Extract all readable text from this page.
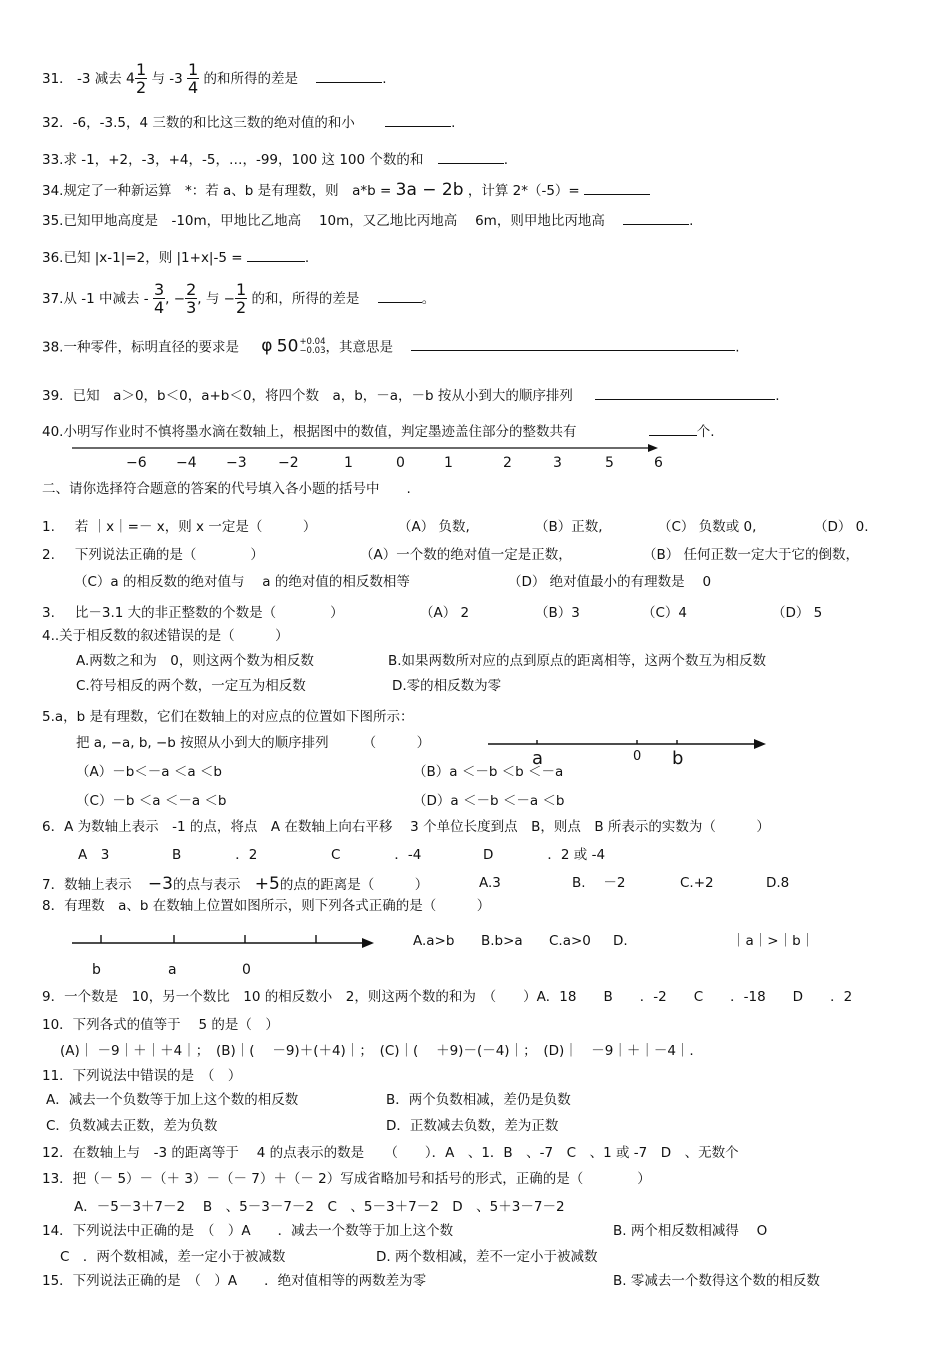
31． -3 减去 $4 \frac{1}{2}$ 与 $-3 \frac{1}{4}$ 的和所得的差是	.
32．-6，-3.5，4 三数的和比这三数的绝对值的和小	.
33.求 -1，+2，-3，+4，-5，…，-99，100 这 100 个数的和	.
34.规定了一种新运算　*：若 a、b 是有理数，则　a*b = 3a − 2b ，计算 2*（-5）=
35.已知甲地高度是　-10m，甲地比乙地高　 10m，又乙地比丙地高　 6m，则甲地比丙地高	.
36.已知 |x-1|=2，则 |1+x|-5 =	.
37.从 -1 中减去 - $\frac{3}{4}$ , − $\frac{2}{3}$ , 与 − $\frac{1}{2}$ 的和，所得的差是	。
38.一种零件，标明直径的要求是 φ 50 +0.04
−0.03 ，其意思是	.
39．已知　a＞0，b＜0，a+b＜0，将四个数　a，b，－a，－b 按从小到大的顺序排列	.
40.小明写作业时不慎将墨水滴在数轴上，根据图中的数值，判定墨迹盖住部分的整数共有	个.
−6 −4 −3 −2	1	0	1	2	3	5	6
二、请你选择符合题意的答案的代号填入各小题的括号中　　.
1. 若 ｜x｜=－ x，则 x 一定是（　　　）	（A） 负数,	（B）正数,	（C） 负数或 0,	（D） 0.
2. 下列说法正确的是（　　　　）	（A）一个数的绝对值一定是正数，	（B） 任何正数一定大于它的倒数，
（C）a 的相反数的绝对值与　 a 的绝对值的相反数相等	（D） 绝对值最小的有理数是　 0
3. 比－3.1 大的非正整数的个数是（　　　　）	（A） 2	（B）3	（C）4	（D） 5
4..关于相反数的叙述错误的是（　　　）
A.两数之和为　0，则这两个数为相反数	B.如果两数所对应的点到原点的距离相等，这两个数互为相反数
C.符号相反的两个数，一定互为相反数	D.零的相反数为零
5.a，b 是有理数，它们在数轴上的对应点的位置如下图所示：
把 a, −a, b, −b 按照从小到大的顺序排列	（　　　）
a	0 b
（A）－b＜－a ＜a ＜b	（B）a ＜－b ＜b ＜－a
（C）－b ＜a ＜－a ＜b	（D）a ＜－b ＜－a ＜b
6．A 为数轴上表示　-1 的点，将点　A 在数轴上向右平移　 3 个单位长度到点　B，则点　B 所表示的实数为（　　　）
A　3	B　　　　．2	C　　　　．-4	D　　　　．2 或 -4
7．数轴上表示 −3的点与表示 +5的点的距离是（　　　）	A.3	B.　 －2	C.+2	D.8
8．有理数　a、b 在数轴上位置如图所示，则下列各式正确的是（　　　）
b	a	0
A.a>b B.b>a C.a>0 D.	｜a｜>｜b｜
9．一个数是　10，另一个数比　10 的相反数小　2，则这两个数的和为　（　　）A．18　　B　　．-2　　C　　．-18　　D　　．2
10．下列各式的值等于　 5 的是（　）
(A)｜ －9｜＋｜＋4｜；　(B)｜(　 －9)＋(＋4)｜；　(C)｜(　 ＋9)－(－4)｜；　(D)｜　－9｜＋｜－4｜.
11．下列说法中错误的是　（　）
A．减去一个负数等于加上这个数的相反数	B．两个负数相减，差仍是负数
C．负数减去正数，差为负数	D．正数减去负数，差为正数
12．在数轴上与　-3 的距离等于　 4 的点表示的数是　　（　　）．A　、1．B　、-7　C　、1 或 -7　D　、无数个
13．把（－ 5）－（＋ 3）－（－ 7）＋（－ 2）写成省略加号和括号的形式，正确的是（　　　　）
A．－5－3＋7－2　 B　、5－3－7－2　C　、5－3＋7－2　D　、5＋3－7－2
14．下列说法中正确的是　（　）A　　．减去一个数等于加上这个数	B. 两个相反数相减得　 O
C　．两个数相减，差一定小于被减数	D. 两个数相减，差不一定小于被减数
15．下列说法正确的是　（　）A　　．绝对值相等的两数差为零	B. 零减去一个数得这个数的相反数
